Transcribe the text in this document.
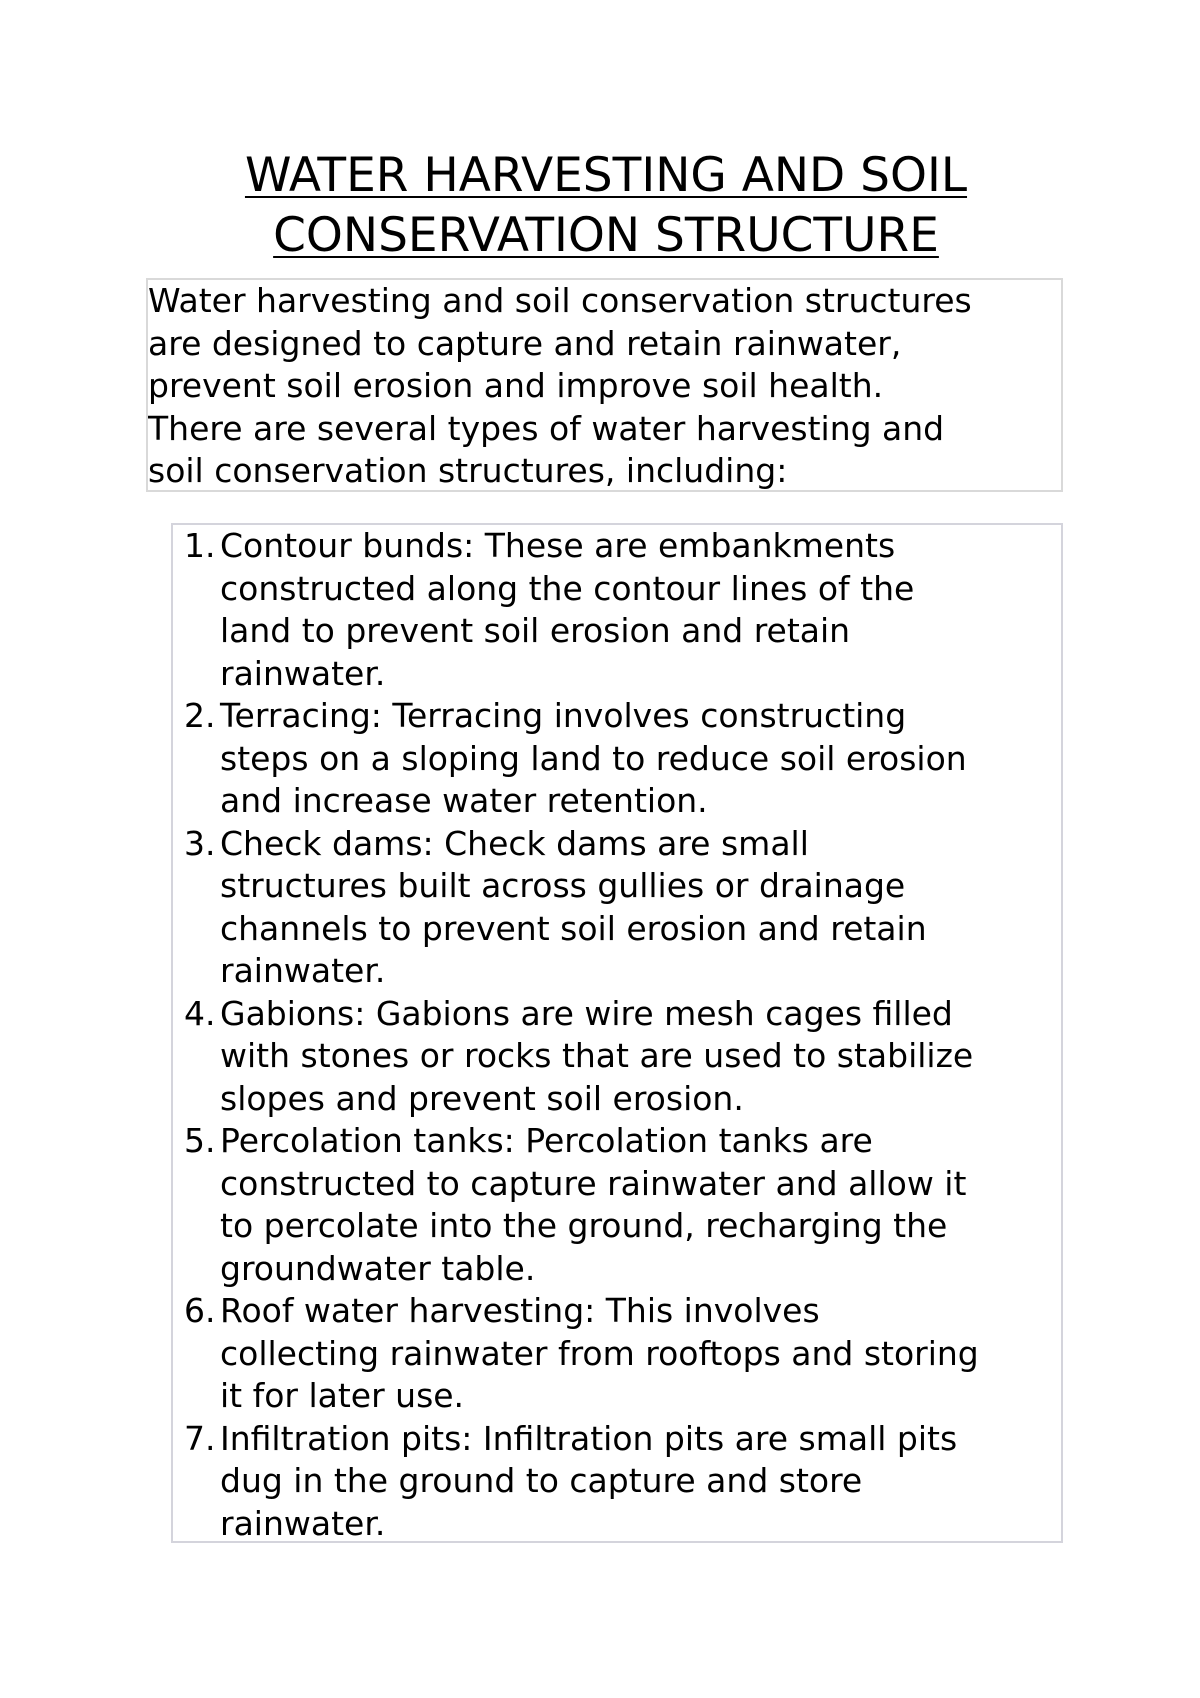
WATER HARVESTING AND SOIL
CONSERVATION STRUCTURE
Water harvesting and soil conservation structures
are designed to capture and retain rainwater,
prevent soil erosion and improve soil health.
There are several types of water harvesting and
soil conservation structures, including:
1. Contour bunds: These are embankments
constructed along the contour lines of the
land to prevent soil erosion and retain
rainwater.
2. Terracing: Terracing involves constructing
steps on a sloping land to reduce soil erosion
and increase water retention.
3. Check dams: Check dams are small
structures built across gullies or drainage
channels to prevent soil erosion and retain
rainwater.
4. Gabions: Gabions are wire mesh cages filled
with stones or rocks that are used to stabilize
slopes and prevent soil erosion.
5. Percolation tanks: Percolation tanks are
constructed to capture rainwater and allow it
to percolate into the ground, recharging the
groundwater table.
6. Roof water harvesting: This involves
collecting rainwater from rooftops and storing
it for later use.
7. Infiltration pits: Infiltration pits are small pits
dug in the ground to capture and store
rainwater.
